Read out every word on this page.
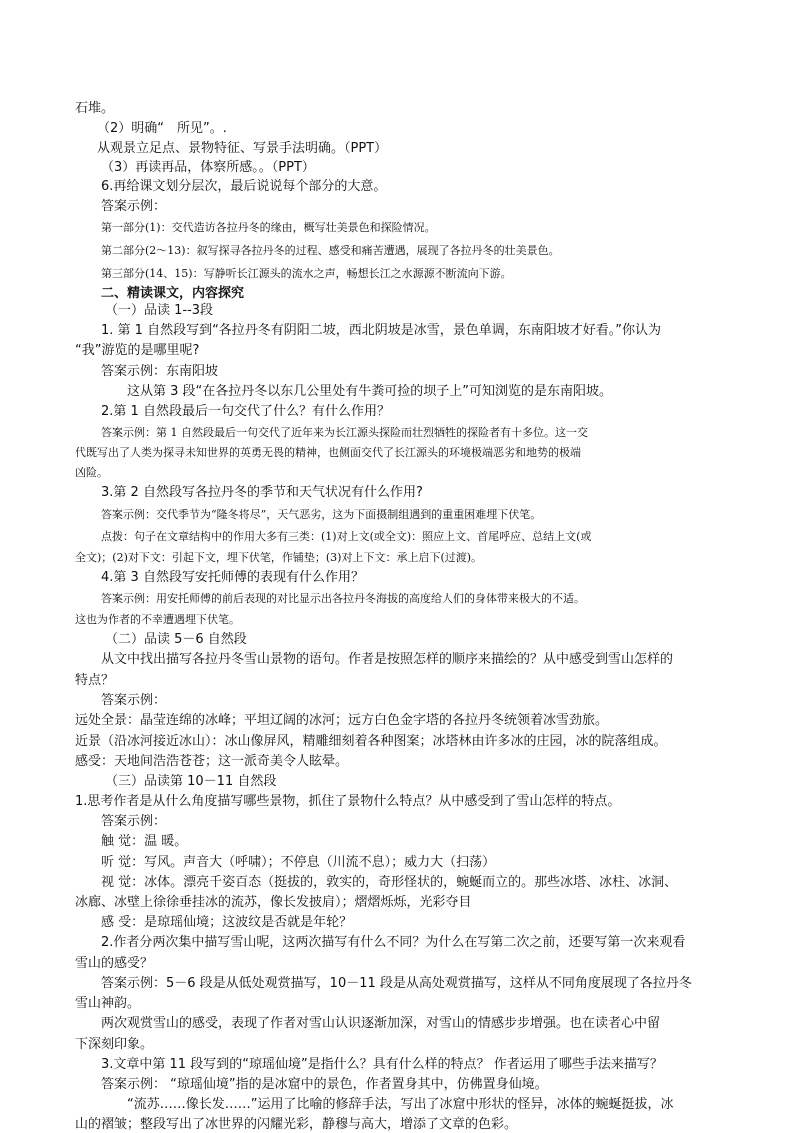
石堆。
（2）明确“　所见”。.
从观景立足点、景物特征、写景手法明确。（PPT）
（3）再读再品，体察所感。。（PPT）
6.再给课文划分层次，最后说说每个部分的大意。
答案示例：
第一部分(1)：交代造访各拉丹冬的缘由，概写壮美景色和探险情况。
第二部分(2～13)：叙写探寻各拉丹冬的过程、感受和痛苦遭遇，展现了各拉丹冬的壮美景色。
第三部分(14、15)：写静听长江源头的流水之声，畅想长江之水源源不断流向下游。
二、精读课文，内容探究
（一）品读 1--3段
1. 第 1 自然段写到“各拉丹冬有阴阳二坡，西北阴坡是冰雪，景色单调，东南阳坡才好看。”你认为
“我”游览的是哪里呢?
答案示例：东南阳坡
这从第 3 段“在各拉丹冬以东几公里处有牛粪可捡的坝子上”可知浏览的是东南阳坡。
2.第 1 自然段最后一句交代了什么？有什么作用？
答案示例：第 1 自然段最后一句交代了近年来为长江源头探险而壮烈牺牲的探险者有十多位。这一交
代既写出了人类为探寻未知世界的英勇无畏的精神，也侧面交代了长江源头的环境极端恶劣和地势的极端
凶险。
3.第 2 自然段写各拉丹冬的季节和天气状况有什么作用?
答案示例：交代季节为“隆冬将尽”，天气恶劣，这为下面摄制组遇到的重重困难埋下伏笔。
点拨：句子在文章结构中的作用大多有三类：(1)对上文(或全文)：照应上文、首尾呼应、总结上文(或
全文)；(2)对下文：引起下文，埋下伏笔，作铺垫；(3)对上下文：承上启下(过渡)。
4.第 3 自然段写安托师傅的表现有什么作用？
答案示例：用安托师傅的前后表现的对比显示出各拉丹冬海拔的高度给人们的身体带来极大的不适。
这也为作者的不幸遭遇埋下伏笔。
（二）品读 5－6 自然段
从文中找出描写各拉丹冬雪山景物的语句。作者是按照怎样的顺序来描绘的？从中感受到雪山怎样的
特点？
答案示例：
远处全景：晶莹连绵的冰峰；平坦辽阔的冰河；远方白色金字塔的各拉丹冬统领着冰雪劲旅。
近景（沿冰河接近冰山）：冰山像屏风，精雕细刻着各种图案；冰塔林由许多冰的庄园，冰的院落组成。
感受：天地间浩浩苍苍；这一派奇美令人眩晕。
（三）品读第 10－11 自然段
1.思考作者是从什么角度描写哪些景物，抓住了景物什么特点？从中感受到了雪山怎样的特点。
答案示例：
触 觉：温 暖。
听 觉：写风。声音大（呼啸）；不停息（川流不息）；威力大（扫荡）
视 觉：冰体。漂亮千姿百态（挺拔的，敦实的，奇形怪状的，蜿蜒而立的。那些冰塔、冰柱、冰洞、
冰廊、冰壁上徐徐垂挂冰的流苏，像长发披肩）；熠熠烁烁，光彩夺目
感 受：是琼瑶仙境；这波纹是否就是年轮？
2.作者分两次集中描写雪山呢，这两次描写有什么不同？为什么在写第二次之前，还要写第一次来观看
雪山的感受？
答案示例：5－6 段是从低处观赏描写，10－11 段是从高处观赏描写，这样从不同角度展现了各拉丹冬
雪山神韵。
两次观赏雪山的感受，表现了作者对雪山认识逐渐加深，对雪山的情感步步增强。也在读者心中留
下深刻印象。
3.文章中第 11 段写到的“琼瑶仙境”是指什么？具有什么样的特点？ 作者运用了哪些手法来描写？
答案示例： “琼瑶仙境”指的是冰窟中的景色，作者置身其中，仿佛置身仙境。
“流苏……像长发……”运用了比喻的修辞手法，写出了冰窟中形状的怪异，冰体的蜿蜒挺拔，冰
山的褶皱；整段写出了冰世界的闪耀光彩，静穆与高大，增添了文章的色彩。
